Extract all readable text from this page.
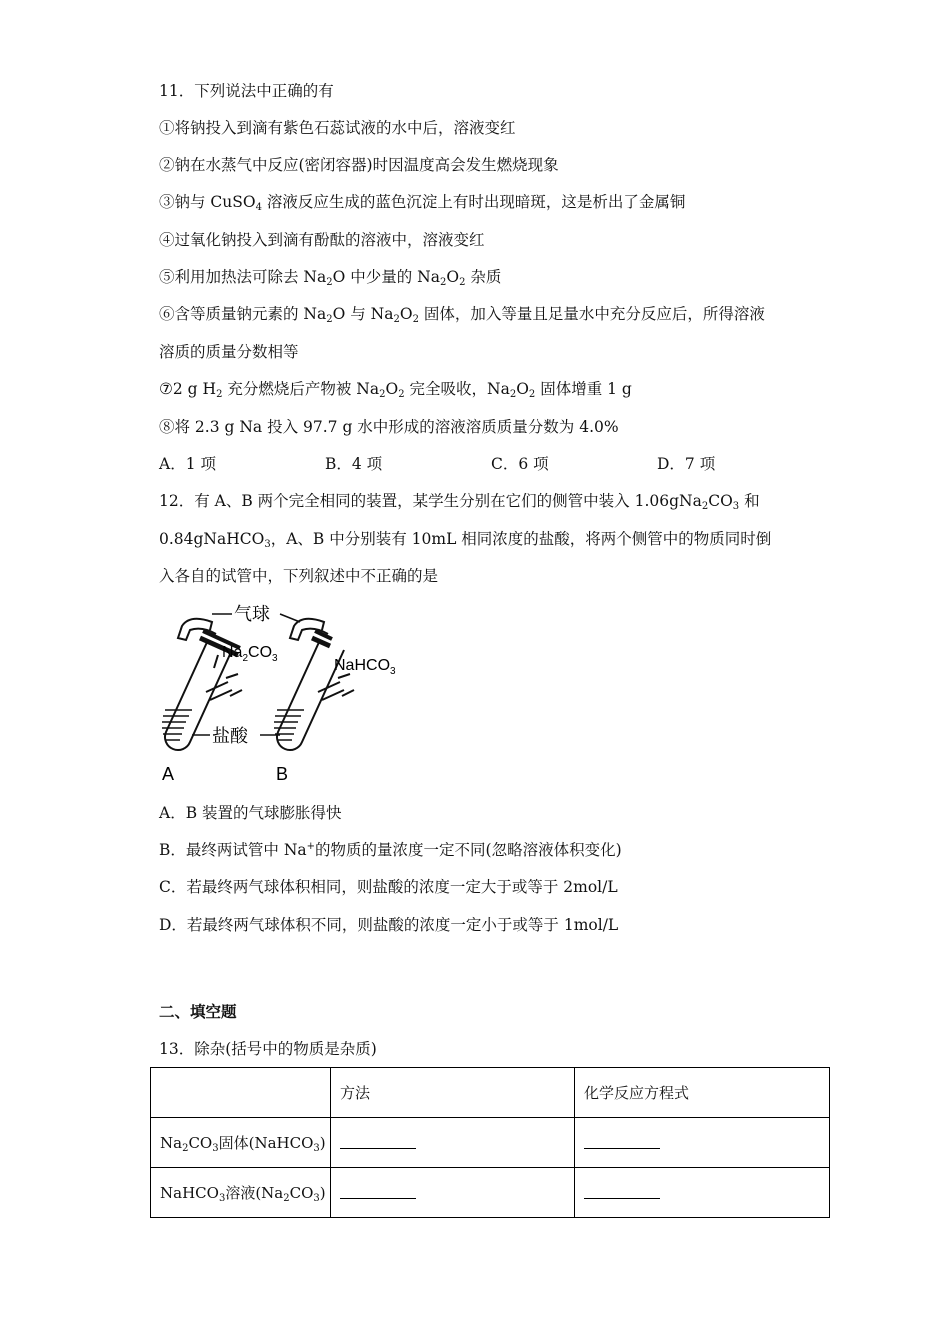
11．下列说法中正确的有
①将钠投入到滴有紫色石蕊试液的水中后，溶液变红
②钠在水蒸气中反应(密闭容器)时因温度高会发生燃烧现象
③钠与 CuSO$_4$ 溶液反应生成的蓝色沉淀上有时出现暗斑，这是析出了金属铜
④过氧化钠投入到滴有酚酞的溶液中，溶液变红
⑤利用加热法可除去 $Na_2O$ 中少量的 $Na_2O_2$ 杂质
⑥含等质量钠元素的 $Na_2O$ 与 $Na_2O_2$ 固体，加入等量且足量水中充分反应后，所得溶液
溶质的质量分数相等
⑦2 g $H_2$ 充分燃烧后产物被 $Na_2O_2$ 完全吸收，$Na_2O_2$ 固体增重 1 g
⑧将 2.3 g Na 投入 97.7 g 水中形成的溶液溶质质量分数为 4.0%
A．1 项	B．4 项	C．6 项	D．7 项
12．有 A、B 两个完全相同的装置，某学生分别在它们的侧管中装入 $1.06gNa_2CO_3$ 和
0.84gNaHCO$_3$，A、B 中分别装有 10mL 相同浓度的盐酸，将两个侧管中的物质同时倒
入各自的试管中，下列叙述中不正确的是
气球
$Na_2CO_3$	NaHCO$_3$
盐酸
A	B
A．B 装置的气球膨胀得快
B．最终两试管中 Na+的物质的量浓度一定不同(忽略溶液体积变化)
C．若最终两气球体积相同，则盐酸的浓度一定大于或等于 2mol/L
D．若最终两气球体积不同，则盐酸的浓度一定小于或等于 1mol/L
二、填空题
13．除杂(括号中的物质是杂质)
	方法	化学反应方程式
$Na_2CO_3$固体(NaHCO$_3$)		
NaHCO$_3$溶液$(Na_2CO_3)$		
